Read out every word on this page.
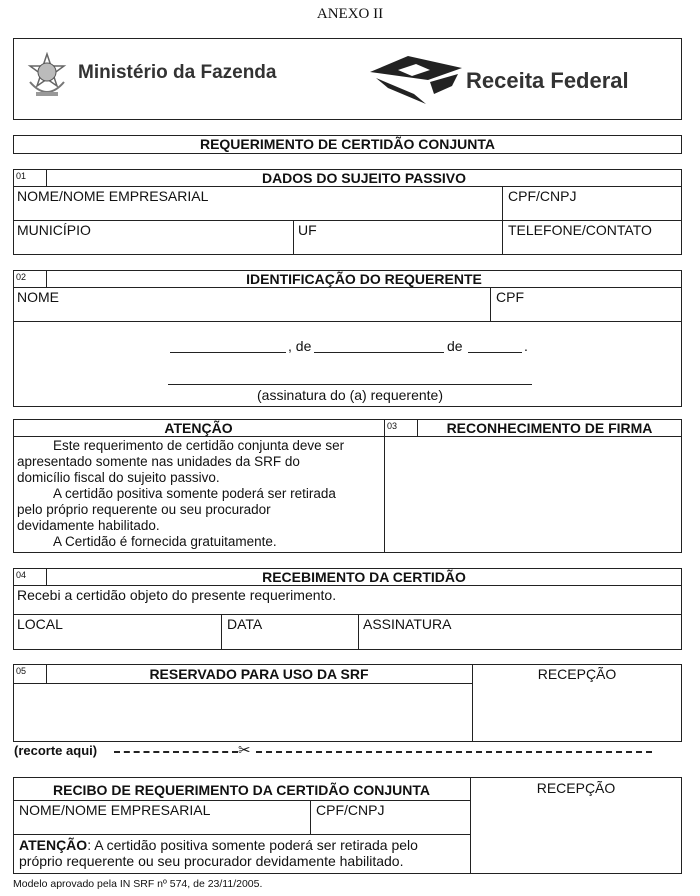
ANEXO II
Ministério da Fazenda	Receita Federal
REQUERIMENTO DE CERTIDÃO CONJUNTA
01	DADOS DO SUJEITO PASSIVO
NOME/NOME EMPRESARIAL	CPF/CNPJ
MUNICÍPIO	UF	TELEFONE/CONTATO
02	IDENTIFICAÇÃO DO REQUERENTE
NOME	CPF
, de	de	.
(assinatura do (a) requerente)
ATENÇÃO	03	RECONHECIMENTO DE FIRMA
Este requerimento de certidão conjunta deve ser
apresentado somente nas unidades da SRF do
domicílio fiscal do sujeito passivo.
A certidão positiva somente poderá ser retirada
pelo próprio requerente ou seu procurador
devidamente habilitado.
A Certidão é fornecida gratuitamente.
04	RECEBIMENTO DA CERTIDÃO
Recebi a certidão objeto do presente requerimento.
LOCAL	DATA	ASSINATURA
05	RESERVADO PARA USO DA SRF	RECEPÇÃO
(recorte aqui)	✂
RECIBO DE REQUERIMENTO DA CERTIDÃO CONJUNTA	RECEPÇÃO
NOME/NOME EMPRESARIAL	CPF/CNPJ
ATENÇÃO: A certidão positiva somente poderá ser retirada pelo
próprio requerente ou seu procurador devidamente habilitado.
Modelo aprovado pela IN SRF nº 574, de 23/11/2005.
